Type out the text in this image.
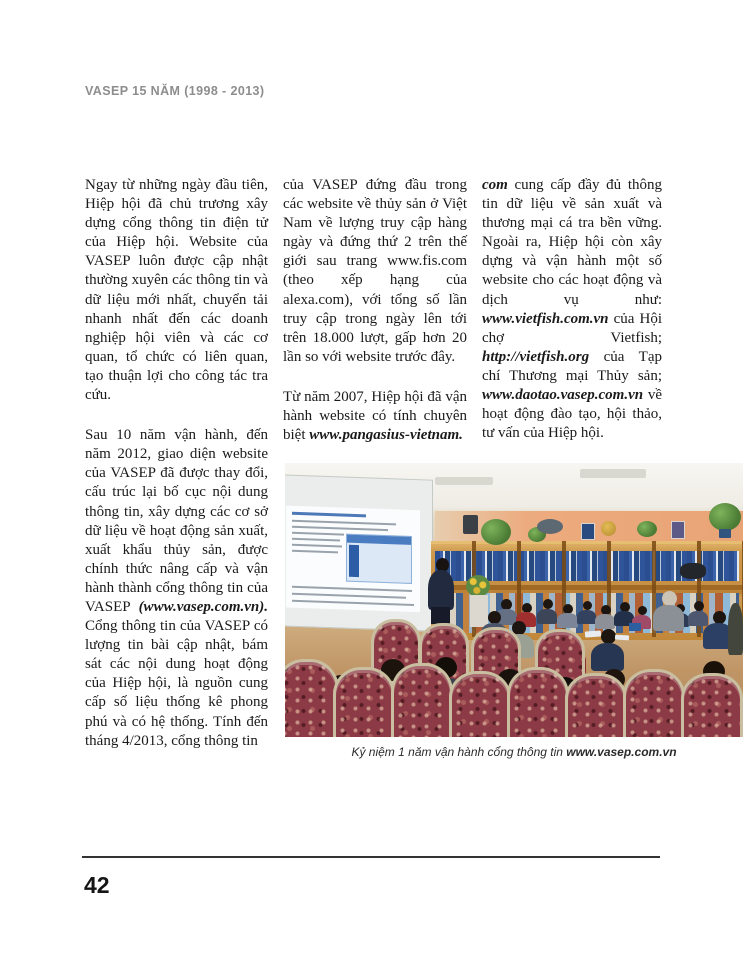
VASEP 15 NĂM (1998 - 2013)

Ngay từ những ngày đầu tiên, Hiệp hội đã chủ trương xây dựng cổng thông tin điện tử của Hiệp hội. Website của VASEP luôn được cập nhật thường xuyên các thông tin và dữ liệu mới nhất, chuyển tải nhanh nhất đến các doanh nghiệp hội viên và các cơ quan, tổ chức có liên quan, tạo thuận lợi cho công tác tra cứu.

Sau 10 năm vận hành, đến năm 2012, giao diện website của VASEP đã được thay đổi, cấu trúc lại bố cục nội dung thông tin, xây dựng các cơ sở dữ liệu về hoạt động sản xuất, xuất khẩu thủy sản, được chính thức nâng cấp và vận hành thành cổng thông tin của VASEP (www.vasep.com.vn). Cổng thông tin của VASEP có lượng tin bài cập nhật, bám sát các nội dung hoạt động của Hiệp hội, là nguồn cung cấp số liệu thống kê phong phú và có hệ thống. Tính đến tháng 4/2013, cổng thông tin

của VASEP đứng đầu trong các website về thủy sản ở Việt Nam về lượng truy cập hàng ngày và đứng thứ 2 trên thế giới sau trang www.fis.com (theo xếp hạng của alexa.com), với tổng số lần truy cập trong ngày lên tới trên 18.000 lượt, gấp hơn 20 lần so với website trước đây.

Từ năm 2007, Hiệp hội đã vận hành website có tính chuyên biệt www.pangasius-vietnam.

com cung cấp đầy đủ thông tin dữ liệu về sản xuất và thương mại cá tra bền vững. Ngoài ra, Hiệp hội còn xây dựng và vận hành một số website cho các hoạt động và dịch vụ như: www.vietfish.com.vn của Hội chợ Vietfish; http://vietfish.org của Tạp chí Thương mại Thủy sản; www.daotao.vasep.com.vn về hoạt động đào tạo, hội thảo, tư vấn của Hiệp hội.

Kỷ niệm 1 năm vận hành cổng thông tin www.vasep.com.vn
42
